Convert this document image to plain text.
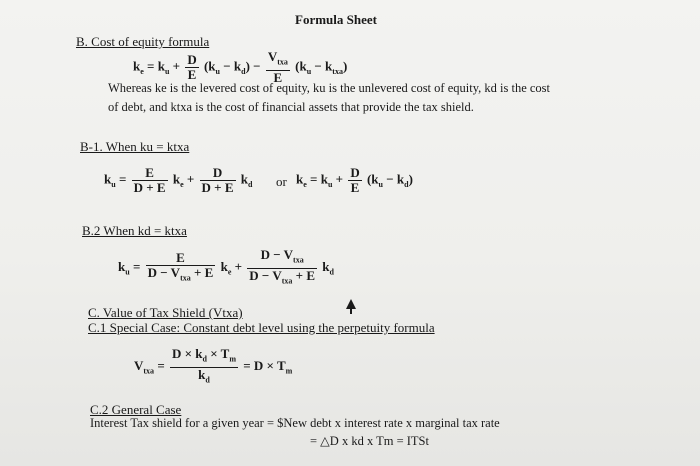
Formula Sheet
B. Cost of equity formula
$k_e = k_u + \frac{D}{E} (k_u - k_d) - \frac{V_{txa}}{E} (k_u - k_{txa})$
Whereas ke is the levered cost of equity, ku is the unlevered cost of equity, kd is the cost
of debt, and ktxa is the cost of financial assets that provide the tax shield.
B-1. When ku = ktxa
$k_u = \frac{E}{D + E} k_e + \frac{D}{D + E} k_d$ or $k_e = k_u + \frac{D}{E} (k_u - k_d)$
B.2 When kd = ktxa
$k_u = \frac{E}{D - V_{txa} + E} k_e + \frac{D - V_{txa}}{D - V_{txa} + E} k_d$
C. Value of Tax Shield (Vtxa)
C.1 Special Case: Constant debt level using the perpetuity formula
$V_{txa} = \frac{D \times k_d \times T_m}{k_d} = D \times T_m$
C.2 General Case
Interest Tax shield for a given year = $New debt x interest rate x marginal tax rate
= △D x kd x Tm = ITSt
